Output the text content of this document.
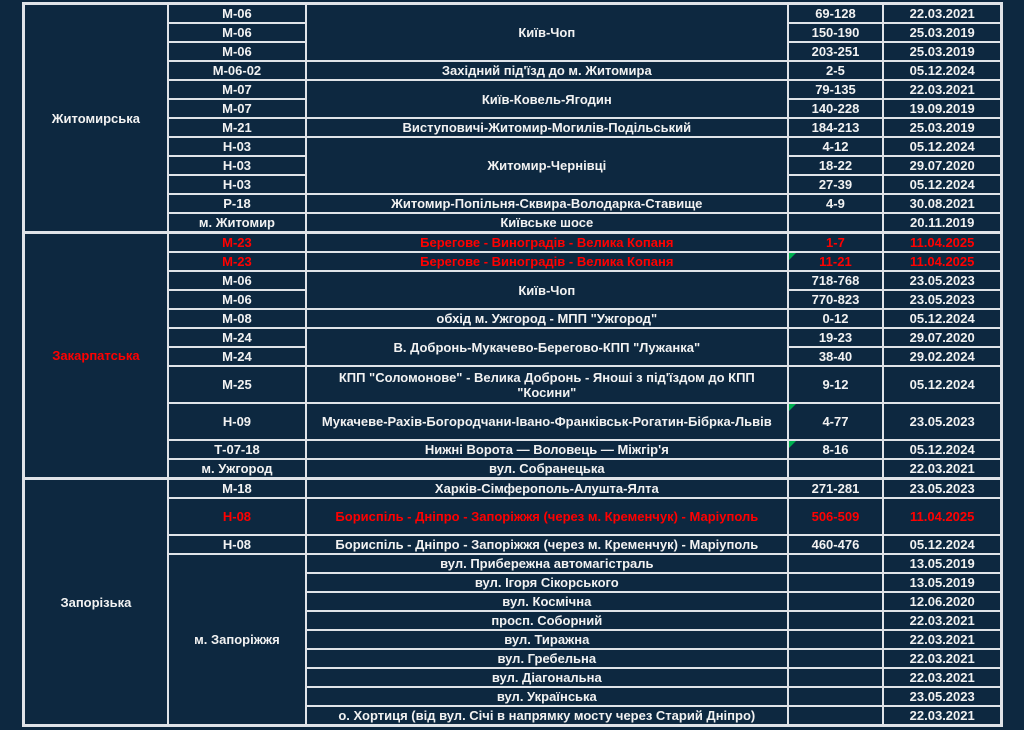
Житомирська	М-06	Київ-Чоп	69-128	22.03.2021
	М-06		150-190	25.03.2019
	М-06		203-251	25.03.2019
	М-06-02	Західний під'їзд до м. Житомира	2-5	05.12.2024
	М-07	Київ-Ковель-Ягодин	79-135	22.03.2021
	М-07		140-228	19.09.2019
	М-21	Виступовичі-Житомир-Могилів-Подільський	184-213	25.03.2019
	Н-03	Житомир-Чернівці	4-12	05.12.2024
	Н-03		18-22	29.07.2020
	Н-03		27-39	05.12.2024
	Р-18	Житомир-Попільня-Сквира-Володарка-Ставище	4-9	30.08.2021
	м. Житомир	Київське шосе		20.11.2019
Закарпатська	М-23	Берегове - Виноградів - Велика Копаня	1-7	11.04.2025
	М-23	Берегове - Виноградів - Велика Копаня	11-21	11.04.2025
	М-06	Київ-Чоп	718-768	23.05.2023
	М-06		770-823	23.05.2023
	М-08	обхід м. Ужгород - МПП "Ужгород"	0-12	05.12.2024
	М-24	В. Добронь-Мукачево-Берегово-КПП "Лужанка"	19-23	29.07.2020
	М-24		38-40	29.02.2024
	М-25	КПП "Соломонове" - Велика Добронь - Яноші з під'їздом до КПП "Косини"	9-12	05.12.2024
	Н-09	Мукачеве-Рахів-Богородчани-Івано-Франківськ-Рогатин-Бібрка-Львів	4-77	23.05.2023
	Т-07-18	Нижні Ворота — Воловець — Міжгір'я	8-16	05.12.2024
	м. Ужгород	вул. Собранецька		22.03.2021
Запорізька	М-18	Харків-Сімферополь-Алушта-Ялта	271-281	23.05.2023
	Н-08	Бориспіль - Дніпро - Запоріжжя (через м. Кременчук) - Маріуполь	506-509	11.04.2025
	Н-08	Бориспіль - Дніпро - Запоріжжя (через м. Кременчук) - Маріуполь	460-476	05.12.2024
	м. Запоріжжя	вул. Прибережна автомагістраль		13.05.2019
		вул. Ігоря Сікорського		13.05.2019
		вул. Космічна		12.06.2020
		просп. Соборний		22.03.2021
		вул. Тиражна		22.03.2021
		вул. Гребельна		22.03.2021
		вул. Діагональна		22.03.2021
		вул. Українська		23.05.2023
		о. Хортиця (від вул. Січі в напрямку мосту через Старий Дніпро)		22.03.2021
